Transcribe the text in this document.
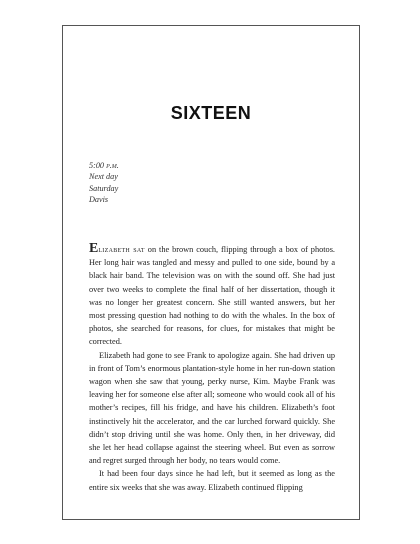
SIXTEEN
5:00 p.m.
Next day
Saturday
Davis

Elizabeth sat on the brown couch, flipping through a box of photos. Her long hair was tangled and messy and pulled to one side, bound by a black hair band. The television was on with the sound off. She had just over two weeks to complete the final half of her dissertation, though it was no longer her greatest concern. She still wanted answers, but her most pressing question had nothing to do with the whales. In the box of photos, she searched for reasons, for clues, for mistakes that might be corrected.

Elizabeth had gone to see Frank to apologize again. She had driven up in front of Tom’s enormous plantation-style home in her run-down station wagon when she saw that young, perky nurse, Kim. Maybe Frank was leaving her for someone else after all; someone who would cook all of his mother’s recipes, fill his fridge, and have his children. Elizabeth’s foot instinctively hit the accelerator, and the car lurched forward quickly. She didn’t stop driving until she was home. Only then, in her driveway, did she let her head collapse against the steering wheel. But even as sorrow and regret surged through her body, no tears would come.

It had been four days since he had left, but it seemed as long as the entire six weeks that she was away. Elizabeth continued flipping
